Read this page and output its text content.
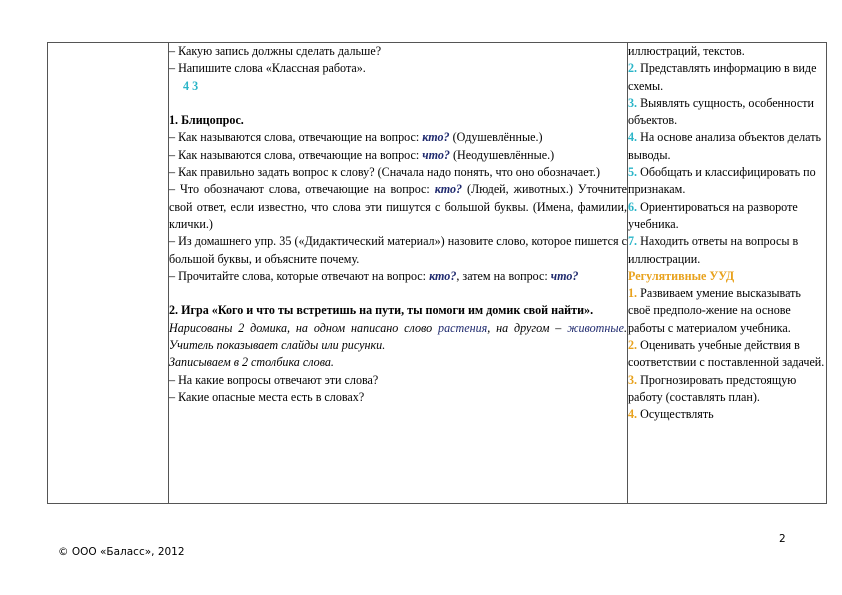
– Какую запись должны сделать дальше?

– Напишите слова «Классная работа».

4 3

1. Блицопрос.

– Как называются слова, отвечающие на вопрос: кто? (Одушевлённые.)

– Как называются слова, отвечающие на вопрос: что? (Неодушевлённые.)

– Как правильно задать вопрос к слову? (Сначала надо понять, что оно обозначает.)

– Что обозначают слова, отвечающие на вопрос: кто? (Людей, животных.) Уточните свой ответ, если известно, что слова эти пишутся с большой буквы. (Имена, фамилии, клички.)

– Из домашнего упр. 35 («Дидактический материал») назовите слово, которое пишется с большой буквы, и объясните почему.

– Прочитайте слова, которые отвечают на вопрос: кто?, затем на вопрос: что?

2. Игра «Кого и что ты встретишь на пути, ты помоги им домик свой найти».

Нарисованы 2 домика, на одном написано слово растения, на другом – животные. Учитель показывает слайды или рисунки.

Записываем в 2 столбика слова.

– На какие вопросы отвечают эти слова?

– Какие опасные места есть в словах?

иллюстраций, текстов.

2. Представлять информацию в виде схемы.

3. Выявлять сущность, особенности объектов.

4. На основе анализа объектов делать выводы.

5. Обобщать и классифицировать по признакам.

6. Ориентироваться на развороте учебника.

7. Находить ответы на вопросы в иллюстрации.

Регулятивные УУД

1. Развиваем умение высказывать своё предполо-жение на основе работы с материалом учебника.

2. Оценивать учебные действия в соответствии с поставленной задачей.

3. Прогнозировать предстоящую работу (составлять план).

4. Осуществлять

2
© ООО «Баласс», 2012
